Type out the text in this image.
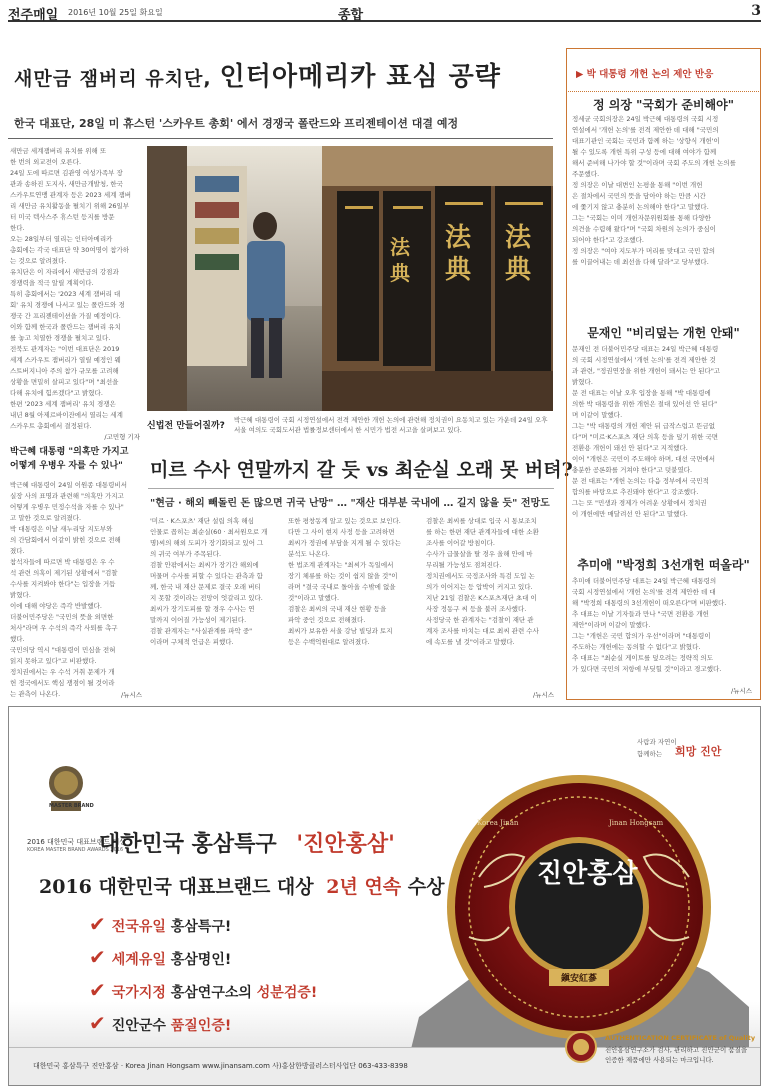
전주매일 2016년 10월 25일 화요일	종합	3
새만금 잼버리 유치단, 인터아메리카 표심 공략
한국 대표단, 28일 미 휴스턴 '스카우트 총회' 에서 경쟁국 폴란드와 프리젠테이션 대결 예정
새만금 세계잼버리 유치를 위해 또
한 번의 외교전이 오른다.
24일 도에 따르면 김관영 여성가족부 장
관과 송하진 도지사, 새만금개발청, 한국
스카우트연맹 관계자 등은 2023 세계 잼버
리 새만금 유치활동을 펼치기 위해 26일부
터 미국 텍사스주 휴스턴 등지를 방문
한다.
오는 28일부터 열리는 인터아메리카
총회에는 각국 대표단 약 30여명이 참가하
는 것으로 알려졌다.
유치단은 이 자리에서 새만금의 강점과
경쟁력을 적극 알릴 계획이다.
특히 총회에서는 '2023 세계 잼버리 대
회' 유치 경쟁에 나서고 있는 폴란드와 경
쟁국 간 프리젠테이션을 가질 예정이다.
이와 함께 한국과 폴란드는 잼버리 유치
를 놓고 치열한 경쟁을 펼치고 있다.
전북도 관계자는 "이번 대표단은 2019
세계 스카우트 잼버리가 열릴 예정인 웨
스트버지니아 주의 참가 규모를 고려해
상황을 면밀히 살피고 있다"며 "최선을
다해 유치에 힘쓰겠다"고 밝혔다.
한편 '2023 세계 잼버리' 유치 경쟁은
내년 8월 아제르바이잔에서 열리는 세계
스카우트 총회에서 결정된다.
/고민형 기자
法
典
法
典
法
典
신법전 만들어질까?
박근혜 대통령이 국회 시정연설에서 전격 제안한 개헌 논의에 관련해 정치권이 요동치고 있는 가운데 24일 오후 서울 여의도 국회도서관 법률정보센터에서 한 시민가 법전 서고을 살펴보고 있다.
박근혜 대통령 "의혹만 가지고
어떻게 우병우 자를 수 있나"
박근혜 대통령이 24일 이원종 대통령비서
실장 사의 표명과 관련해 "의혹만 가지고
어떻게 우병우 민정수석을 자를 수 있나"
고 말한 것으로 알려졌다.
박 대통령은 이날 새누리당 지도부와
의 간담회에서 이같이 밝힌 것으로 전해
졌다.
참석자들에 따르면 박 대통령은 우 수
석 관련 의혹이 제기된 상황에서 "검찰
수사를 지켜봐야 한다"는 입장을 거듭
밝혔다.
이에 대해 야당은 즉각 반발했다.
더불어민주당은 "국민의 뜻을 외면한
처사"라며 우 수석의 즉각 사퇴를 촉구
했다.
국민의당 역시 "대통령이 민심을 전혀
읽지 못하고 있다"고 비판했다.
정치권에서는 우 수석 거취 문제가 개
헌 정국에서도 핵심 쟁점이 될 것이라
는 관측이 나온다.	/뉴시스
미르 수사 연말까지 갈 듯 vs 최순실 오래 못 버텨?
"현금 · 해외 빼돌린 돈 많으면 귀국 난망" … "재산 대부분 국내에 … 길지 않을 듯" 전망도
'미르 · K스포츠' 재단 설립 의혹 해심
인물로 꼽히는 최순실(60 · 최서원으로 개
명)씨의 해외 도피가 장기화되고 있어 그
의 귀국 여부가 주목된다.
검찰 안팎에서는 최씨가 장기간 해외에
머물며 수사를 피할 수 있다는 관측과 함
께, 한국 내 재산 문제로 결국 오래 버티
지 못할 것이라는 전망이 엇갈리고 있다.
최씨가 장기도피를 할 경우 수사는 연
말까지 이어질 가능성이 제기된다.
검찰 관계자는 "사실관계를 파악 중"
이라며 구체적 언급은 피했다.
또한 평창동계 알고 있는 것으로 보인다.
다만 그 사이 현지 사정 등을 고려하면
최씨가 정권에 부담을 지게 될 수 있다는
분석도 나온다.
한 법조계 관계자는 "최씨가 독일에서
장기 체류를 하는 것이 쉽지 않을 것"이
라며 "결국 국내로 돌아올 수밖에 없을
것"이라고 말했다.
검찰은 최씨의 국내 재산 현황 등을
파악 중인 것으로 전해졌다.
최씨가 보유한 서울 강남 빌딩과 토지
등은 수백억원대로 알려졌다.
검찰은 최씨를 상대로 입국 시 통보조치
를 하는 한편 재단 관계자들에 대한 소환
조사를 이어갈 방침이다.
수사가 급물살을 탈 경우 올해 안에 마
무리될 가능성도 점쳐진다.
정치권에서도 국정조사와 특검 도입 논
의가 이어지는 등 압박이 커지고 있다.
지난 21일 검찰은 K스포츠재단 초대 이
사장 정동구 씨 등을 불러 조사했다.
사정당국 한 관계자는 "검찰이 재단 관
계자 조사를 마치는 대로 최씨 관련 수사
에 속도를 낼 것"이라고 말했다.
/뉴시스
▶ 박 대통령 개헌 논의 제안 반응
정 의장 "국회가 준비해야"
정세균 국회의장은 24일 박근혜 대통령의 국회 시정
연설에서 '개헌 논의'를 전격 제안한 데 대해 "국민의
대표기관인 국회는 국민과 함께 하는 '상향식 개헌'이
될 수 있도록 개헌 특위 구성 등에 대해 여야가 함께
해서 준비해 나가야 할 것"이라며 국회 주도의 개헌 논의를
주문했다.
정 의장은 이날 대변인 논평을 통해 "이번 개헌
은 절차에서 국민의 뜻을 담아야 하는 만큼 시간
에 쫓기지 않고 충분히 논의해야 한다"고 말했다.
그는 "국회는 이미 개헌자문위원회를 통해 다양한
의견을 수렴해 왔다"며 "국회 차원의 논의가 중심이
되어야 한다"고 강조했다.
정 의장은 "여야 지도부가 머리를 맞대고 국민 합의
를 이끌어내는 데 최선을 다해 달라"고 당부했다.
문재인 "비리덮는 개헌 안돼"
문재인 전 더불어민주당 대표는 24일 박근혜 대통령
의 국회 시정연설에서 '개헌 논의'를 전격 제안한 것
과 관련, "정권연장을 위한 개헌이 돼서는 안 된다"고
밝혔다.
문 전 대표는 이날 오후 입장을 통해 "박 대통령에
의한 박 대통령을 위한 개헌은 절대 있어선 안 된다"
며 이같이 말했다.
그는 "박 대통령의 개헌 제안 뒤 급작스럽고 뜬금없
다"며 "미르·K스포츠 재단 의혹 등을 덮기 위한 국면
전환용 개헌이 돼선 안 된다"고 지적했다.
이어 "개헌은 국민이 주도해야 하며, 대선 국면에서
충분한 공론화를 거쳐야 한다"고 덧붙였다.
문 전 대표는 "개헌 논의는 다음 정부에서 국민적
합의를 바탕으로 추진돼야 한다"고 강조했다.
그는 또 "민생과 경제가 어려운 상황에서 정치권
이 개헌에만 매달려선 안 된다"고 말했다.
추미애 "박정희 3선개헌 떠올라"
추미애 더불어민주당 대표는 24일 박근혜 대통령의
국회 시정연설에서 '개헌 논의'를 전격 제안한 데 대
해 "박정희 대통령의 3선개헌이 떠오른다"며 비판했다.
추 대표는 이날 기자들과 만나 "국면 전환용 개헌
제안"이라며 이같이 말했다.
그는 "개헌은 국민 합의가 우선"이라며 "대통령이
주도하는 개헌에는 동의할 수 없다"고 밝혔다.
추 대표는 "최순실 게이트를 덮으려는 정략적 의도
가 있다면 국민의 저항에 부딪힐 것"이라고 경고했다.
/뉴시스
MASTER BRAND
2016 대한민국 대표브랜드 대상
KOREA MASTER BRAND AWARDS 2016
대한민국 홍삼특구 '진안홍삼'
2016 대한민국 대표브랜드 대상 2년 연속 수상
✔ 전국유일 홍삼특구!
✔ 세계유일 홍삼명인!
✔ 국가지정 홍삼연구소의 성분검증!
✔ 진안군수 품질인증!
사람과 자연이
함께하는 희망 진안
Korea Jinan	Jinan Hongsam
진안홍삼
鎭安紅蔘
대한민국 홍삼특구 진안홍삼 · Korea Jinan Hongsam www.jinansam.com 사)홍삼한방클러스터사업단 063-433-8398
AUTHENTICATION CERTIFICATE of Quality
진안홍삼연구소가 검사, 관리하고 진안군이 품질을 인증한 제품에만 사용되는 마크입니다.
